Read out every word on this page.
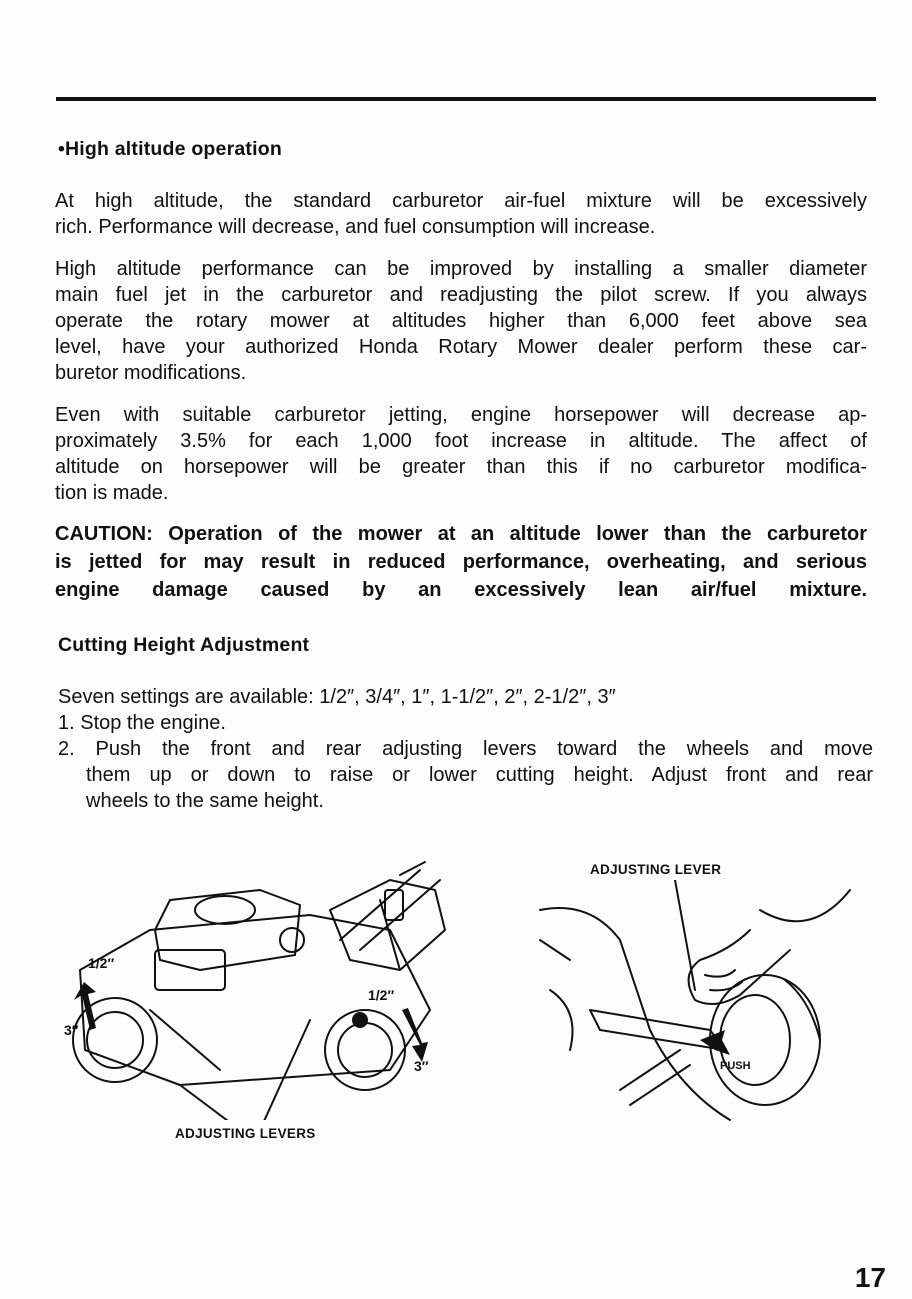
•High altitude operation
At high altitude, the standard carburetor air-fuel mixture will be excessively
rich. Performance will decrease, and fuel consumption will increase.
High altitude performance can be improved by installing a smaller diameter
main fuel jet in the carburetor and readjusting the pilot screw. If you always
operate the rotary mower at altitudes higher than 6,000 feet above sea
level, have your authorized Honda Rotary Mower dealer perform these car-
buretor modifications.
Even with suitable carburetor jetting, engine horsepower will decrease ap-
proximately 3.5% for each 1,000 foot increase in altitude. The affect of
altitude on horsepower will be greater than this if no carburetor modifica-
tion is made.
CAUTION: Operation of the mower at an altitude lower than the carburetor
is jetted for may result in reduced performance, overheating, and serious
engine damage caused by an excessively lean air/fuel mixture.
Cutting Height Adjustment
Seven settings are available: 1/2″, 3/4″, 1″, 1-1/2″, 2″, 2-1/2″, 3″
1. Stop the engine.
2. Push the front and rear adjusting levers toward the wheels and move
them up or down to raise or lower cutting height. Adjust front and rear
wheels to the same height.
1/2″
3″
1/2″
3″
ADJUSTING LEVERS
ADJUSTING LEVER
PUSH
17
